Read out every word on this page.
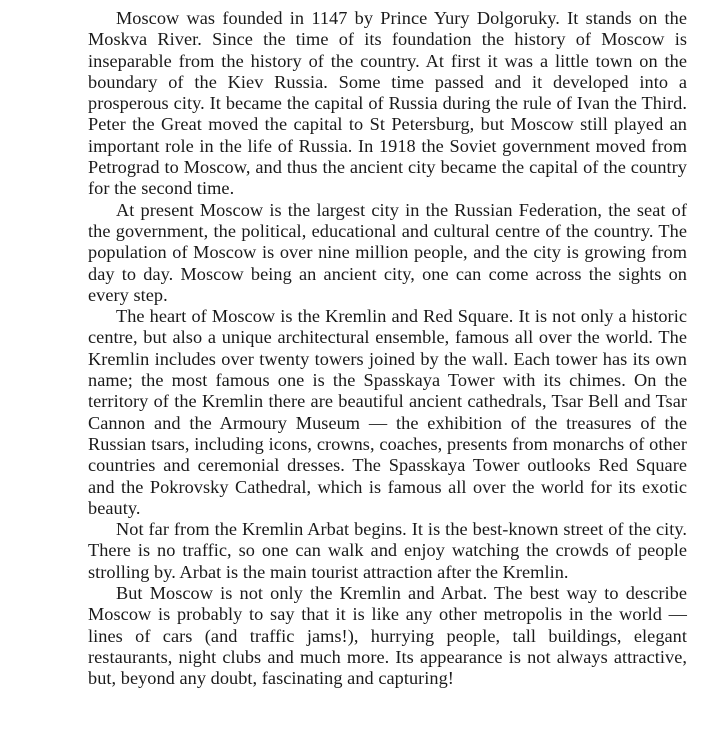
Moscow was founded in 1147 by Prince Yury Dolgoruky. It stands on the Moskva River. Since the time of its foundation the history of Moscow is inseparable from the history of the country. At first it was a little town on the boundary of the Kiev Russia. Some time passed and it developed into a prosperous city. It became the capital of Russia during the rule of Ivan the Third. Peter the Great moved the capital to St Petersburg, but Moscow still played an important role in the life of Russia. In 1918 the Soviet government moved from Petrograd to Moscow, and thus the ancient city became the capital of the country for the second time.

At present Moscow is the largest city in the Russian Federation, the seat of the government, the political, educational and cultural centre of the country. The population of Moscow is over nine million people, and the city is growing from day to day. Moscow being an ancient city, one can come across the sights on every step.

The heart of Moscow is the Kremlin and Red Square. It is not only a historic centre, but also a unique architectural ensemble, famous all over the world. The Kremlin includes over twenty towers joined by the wall. Each tower has its own name; the most famous one is the Spasskaya Tower with its chimes. On the territory of the Kremlin there are beautiful ancient cathedrals, Tsar Bell and Tsar Cannon and the Armoury Museum — the exhibition of the treasures of the Russian tsars, including icons, crowns, coaches, presents from monarchs of other countries and ceremonial dresses. The Spasskaya Tower outlooks Red Square and the Pokrovsky Cathedral, which is famous all over the world for its exotic beauty.

Not far from the Kremlin Arbat begins. It is the best-known street of the city. There is no traffic, so one can walk and enjoy watching the crowds of people strolling by. Arbat is the main tourist attraction after the Kremlin.

But Moscow is not only the Kremlin and Arbat. The best way to describe Moscow is probably to say that it is like any other metropolis in the world — lines of cars (and traffic jams!), hurrying people, tall buildings, elegant restaurants, night clubs and much more. Its appearance is not always attractive, but, beyond any doubt, fascinating and capturing!
